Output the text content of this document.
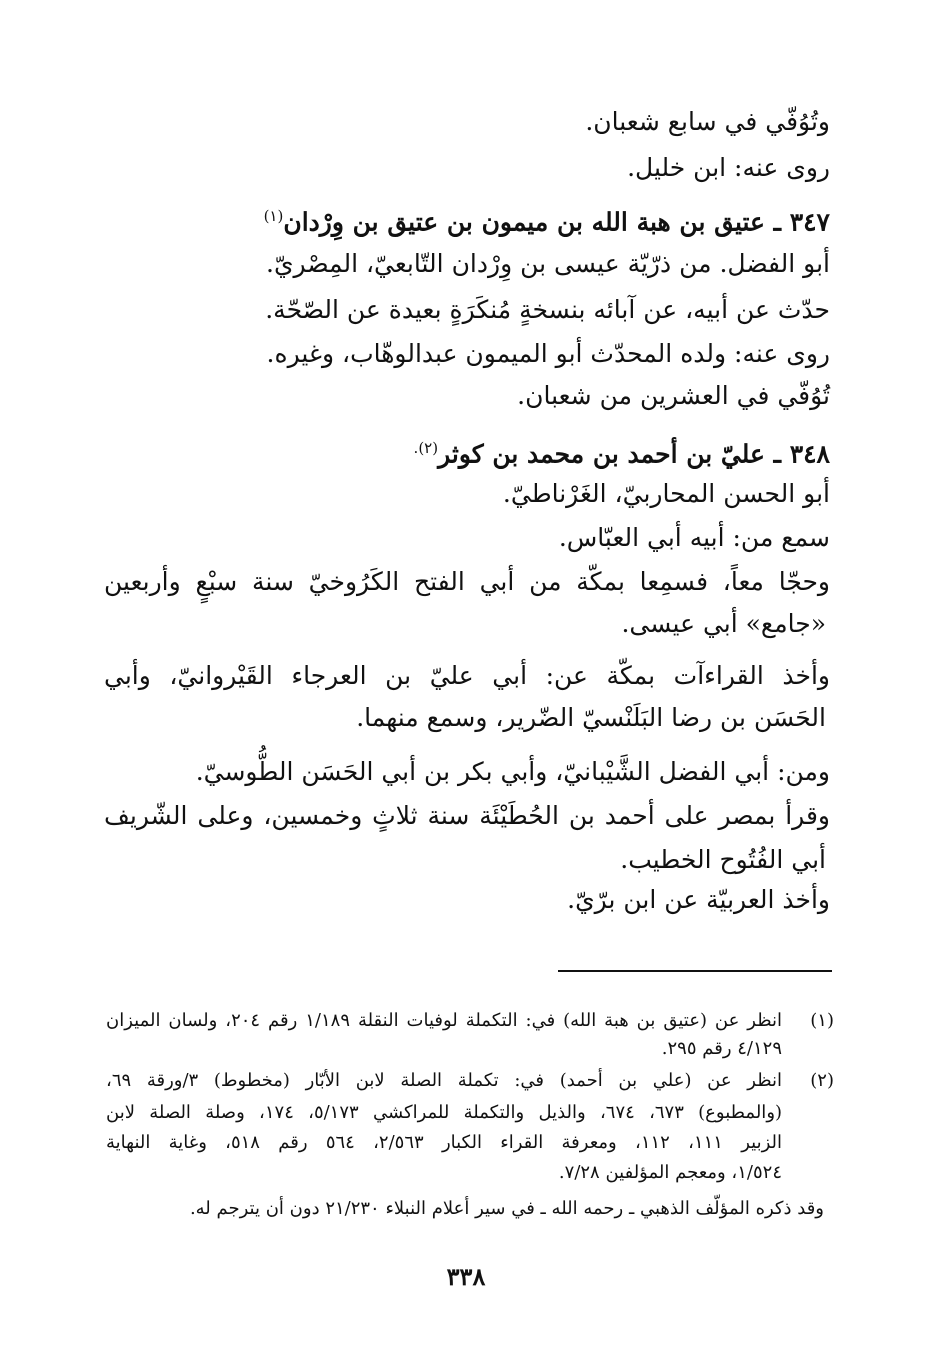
وتُوُفّي في سابع شعبان.
روى عنه: ابن خليل.
٣٤٧ ـ عتيق بن هبة الله بن ميمون بن عتيق بن وِرْدان$^{(١)}$
أبو الفضل. من ذرّيّة عيسى بن وِرْدان التّابعيّ، المِصْريّ.
حدّث عن أبيه، عن آبائه بنسخةٍ مُنكَرَةٍ بعيدة عن الصّحّة.
روى عنه: ولده المحدّث أبو الميمون عبدالوهّاب، وغيره.
تُوُفّي في العشرين من شعبان.
٣٤٨ ـ عليّ بن أحمد بن محمد بن كوثر$^{(٢).}$
أبو الحسن المحاربيّ، الغَرْناطيّ.
سمع من: أبيه أبي العبّاس.
وحجّا معاً، فسمِعا بمكّة من أبي الفتح الكَرُوخيّ سنة سبْعٍ وأربعين
«جامع» أبي عيسى.
وأخذ القراءآت بمكّة عن: أبي عليّ بن العرجاء القَيْروانيّ، وأبي
الحَسَن بن رضا البَلَنْسيّ الضّرير، وسمع منهما.
ومن: أبي الفضل الشَّيْبانيّ، وأبي بكر بن أبي الحَسَن الطُّوسيّ.
وقرأ بمصر على أحمد بن الحُطَيْئَة سنة ثلاثٍ وخمسين، وعلى الشّريف
أبي الفُتُوح الخطيب.
وأخذ العربيّة عن ابن برّيّ.
(١)
انظر عن (عتيق بن هبة الله) في: التكملة لوفيات النقلة ١/١٨٩ رقم ٢٠٤، ولسان الميزان
٤/١٢٩ رقم ٢٩٥.
(٢)
انظر عن (علي بن أحمد) في: تكملة الصلة لابن الأبّار (مخطوط) ٣/ورقة ٦٩،
(والمطبوع) ٦٧٣، ٦٧٤، والذيل والتكملة للمراكشي ٥/١٧٣، ١٧٤، وصلة الصلة لابن
الزبير ١١١، ١١٢، ومعرفة القراء الكبار ٢/٥٦٣، ٥٦٤ رقم ٥١٨، وغاية النهاية
١/٥٢٤، ومعجم المؤلفين ٧/٢٨.
وقد ذكره المؤلّف الذهبي ـ رحمه الله ـ في سير أعلام النبلاء ٢١/٢٣٠ دون أن يترجم له.
٣٣٨
